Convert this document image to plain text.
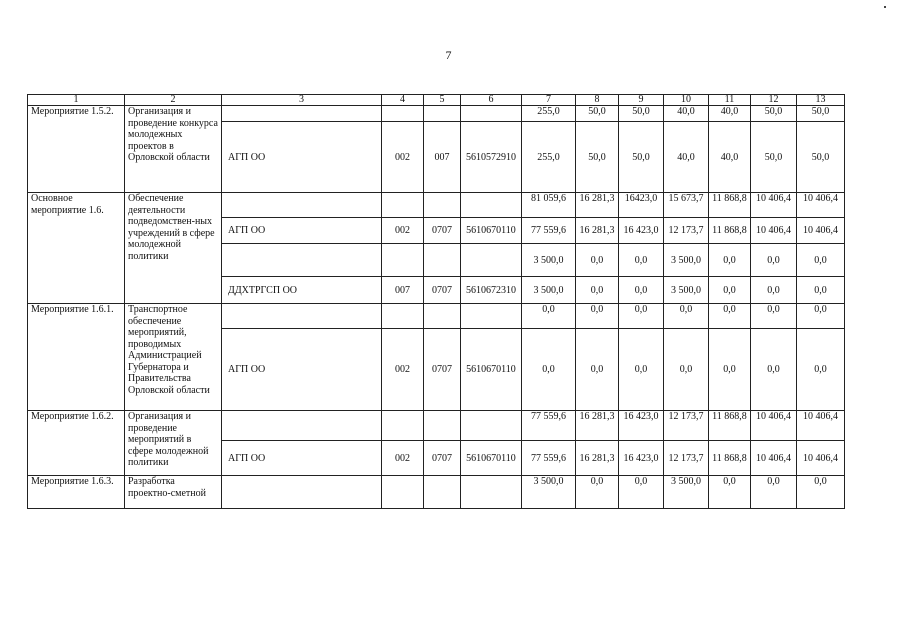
7
1	2	3	4	5	6	7	8	9	10	11	12	13
Мероприятие 1.5.2.	Организация и проведение конкурса молодежных проектов в Орловской области					255,0	50,0	50,0	40,0	40,0	50,0	50,0
		АГП ОО	002	007	5610572910	255,0	50,0	50,0	40,0	40,0	50,0	50,0
Основное мероприятие 1.6.	Обеспечение деятельности подведомствен-ных учреждений в сфере молодежной политики					81 059,6	16 281,3	16423,0	15 673,7	11 868,8	10 406,4	10 406,4
		АГП ОО	002	0707	5610670110	77 559,6	16 281,3	16 423,0	12 173,7	11 868,8	10 406,4	10 406,4
						3 500,0	0,0	0,0	3 500,0	0,0	0,0	0,0
		ДДХТРГСП ОО	007	0707	5610672310	3 500,0	0,0	0,0	3 500,0	0,0	0,0	0,0
Мероприятие 1.6.1.	Транспортное обеспечение мероприятий, проводимых Администрацией Губернатора и Правительства Орловской области					0,0	0,0	0,0	0,0	0,0	0,0	0,0
		АГП ОО	002	0707	5610670110	0,0	0,0	0,0	0,0	0,0	0,0	0,0
Мероприятие 1.6.2.	Организация и проведение мероприятий в сфере молодежной политики					77 559,6	16 281,3	16 423,0	12 173,7	11 868,8	10 406,4	10 406,4
		АГП ОО	002	0707	5610670110	77 559,6	16 281,3	16 423,0	12 173,7	11 868,8	10 406,4	10 406,4
Мероприятие 1.6.3.	Разработка проектно-сметной					3 500,0	0,0	0,0	3 500,0	0,0	0,0	0,0
